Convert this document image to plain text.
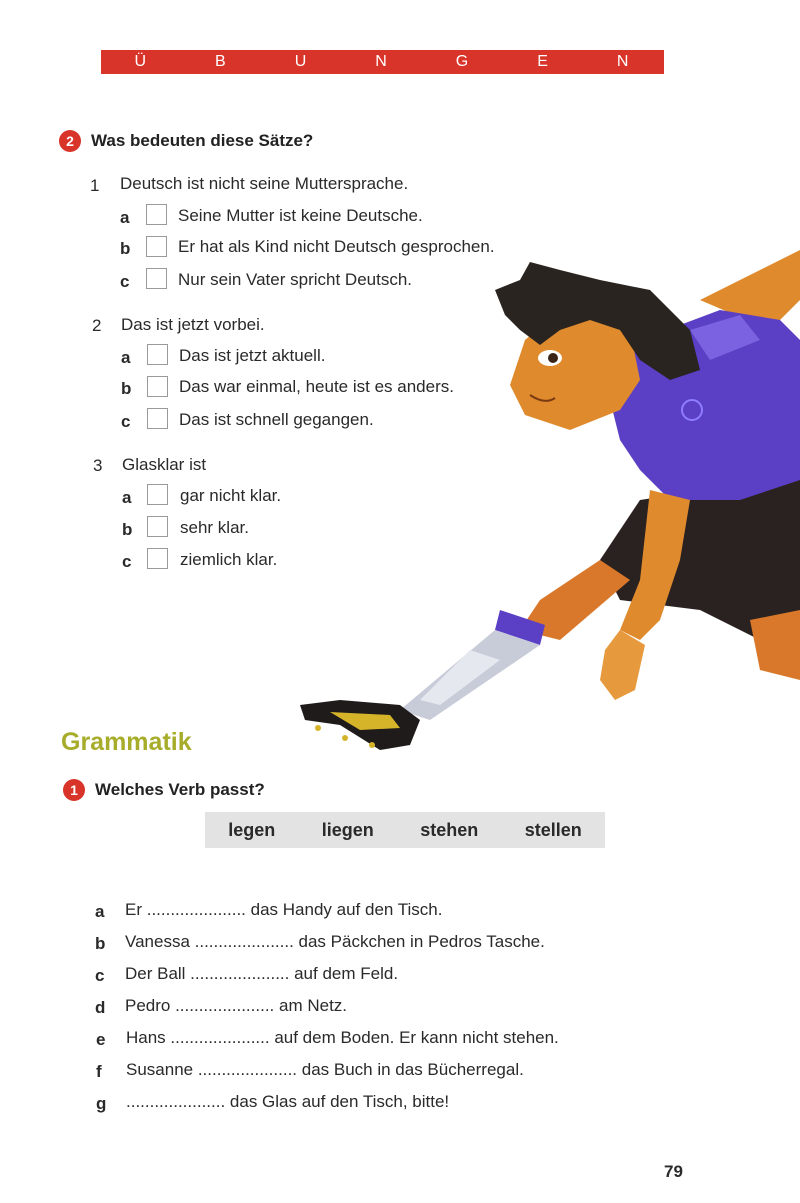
Ü	B	U	N	G	E	N
2	Was bedeuten diese Sätze?
1 Deutsch ist nicht seine Muttersprache.
a	Seine Mutter ist keine Deutsche.
b	Er hat als Kind nicht Deutsch gesprochen.
c	Nur sein Vater spricht Deutsch.
2 Das ist jetzt vorbei.
a	Das ist jetzt aktuell.
b	Das war einmal, heute ist es anders.
c	Das ist schnell gegangen.
3 Glasklar ist
a	gar nicht klar.
b	sehr klar.
c	ziemlich klar.
Grammatik
1	Welches Verb passt?
legen	liegen	stehen	stellen
a Er ..................... das Handy auf den Tisch.
b Vanessa ..................... das Päckchen in Pedros Tasche.
c Der Ball ..................... auf dem Feld.
d Pedro ..................... am Netz.
e Hans ..................... auf dem Boden. Er kann nicht stehen.
f Susanne ..................... das Buch in das Bücherregal.
g ..................... das Glas auf den Tisch, bitte!
79
